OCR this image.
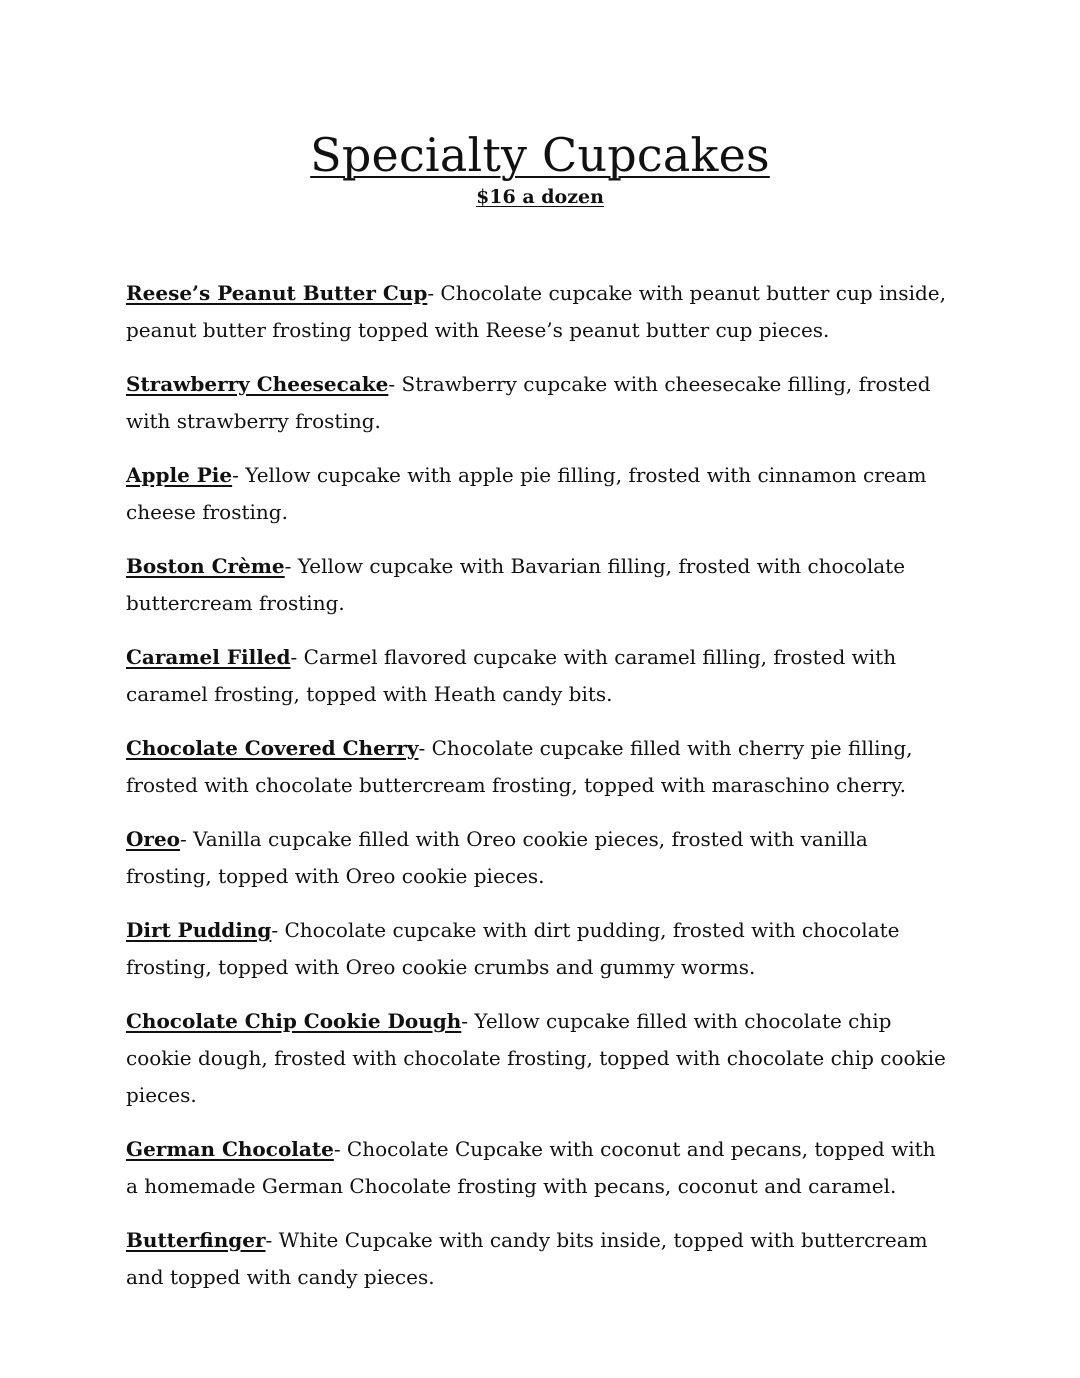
Specialty Cupcakes
$16 a dozen

Reese’s Peanut Butter Cup- Chocolate cupcake with peanut butter cup inside, peanut butter frosting topped with Reese’s peanut butter cup pieces.

Strawberry Cheesecake- Strawberry cupcake with cheesecake filling, frosted with strawberry frosting.

Apple Pie- Yellow cupcake with apple pie filling, frosted with cinnamon cream cheese frosting.

Boston Crème- Yellow cupcake with Bavarian filling, frosted with chocolate buttercream frosting.

Caramel Filled- Carmel flavored cupcake with caramel filling, frosted with caramel frosting, topped with Heath candy bits.

Chocolate Covered Cherry- Chocolate cupcake filled with cherry pie filling, frosted with chocolate buttercream frosting, topped with maraschino cherry.

Oreo- Vanilla cupcake filled with Oreo cookie pieces, frosted with vanilla frosting, topped with Oreo cookie pieces.

Dirt Pudding- Chocolate cupcake with dirt pudding, frosted with chocolate frosting, topped with Oreo cookie crumbs and gummy worms.

Chocolate Chip Cookie Dough- Yellow cupcake filled with chocolate chip cookie dough, frosted with chocolate frosting, topped with chocolate chip cookie pieces.

German Chocolate- Chocolate Cupcake with coconut and pecans, topped with a homemade German Chocolate frosting with pecans, coconut and caramel.

Butterfinger- White Cupcake with candy bits inside, topped with buttercream and topped with candy pieces.
